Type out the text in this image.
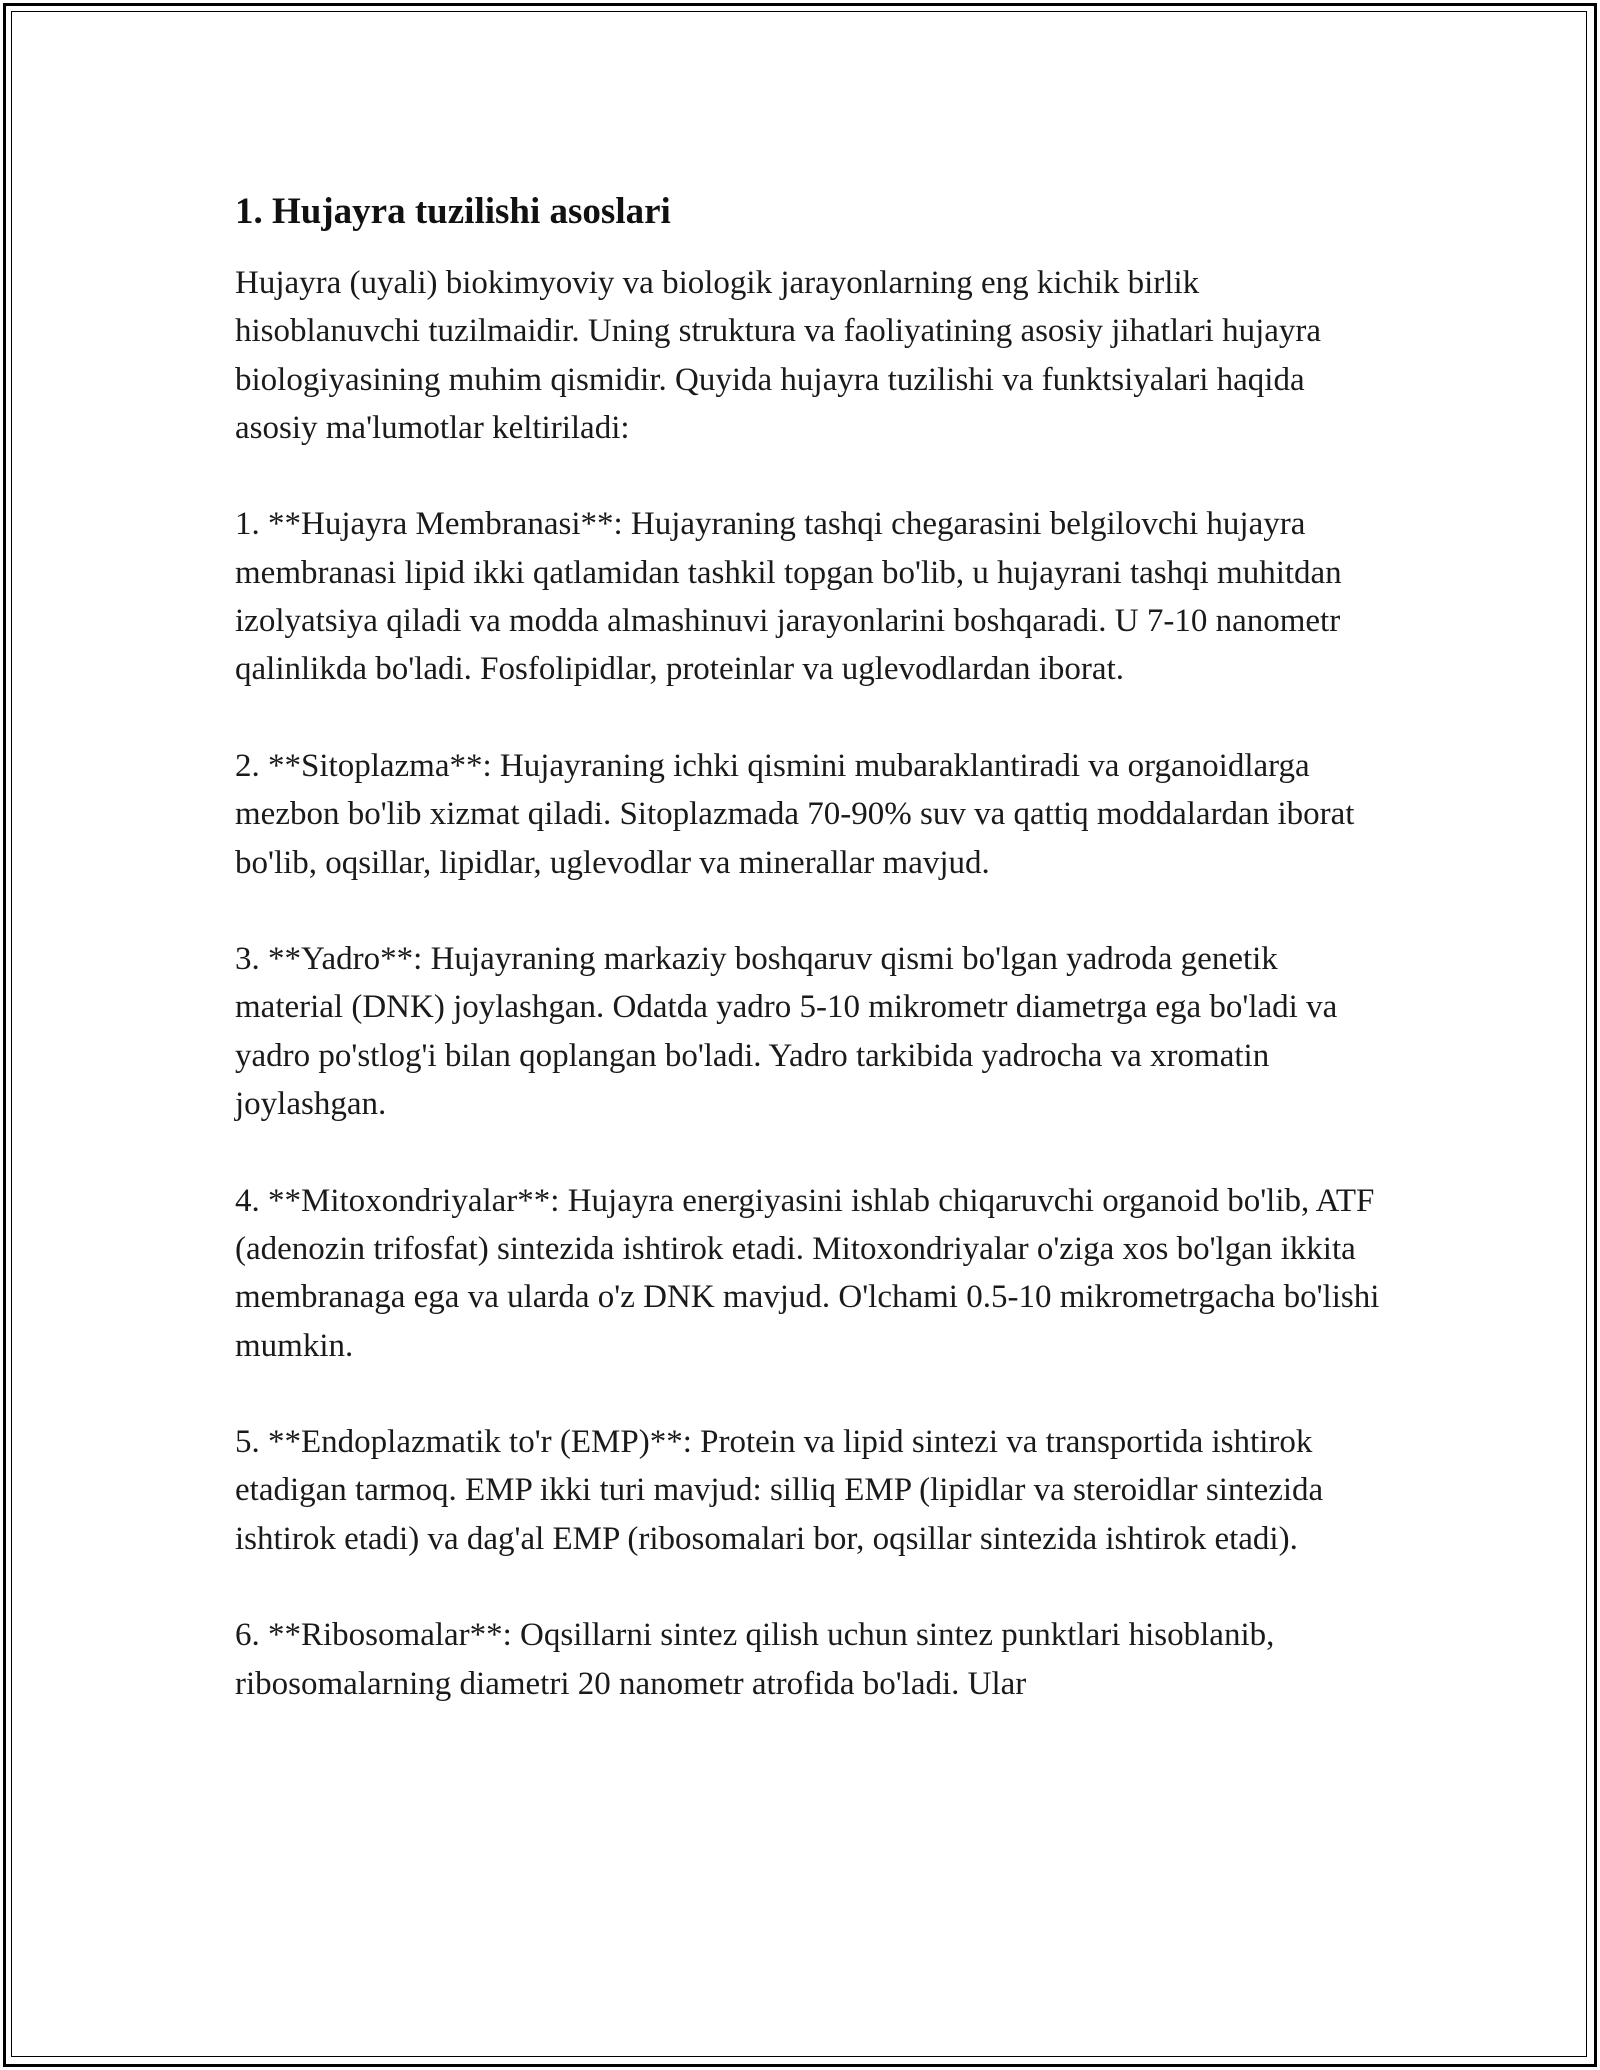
1. Hujayra tuzilishi asoslari

Hujayra (uyali) biokimyoviy va biologik jarayonlarning eng kichik birlik hisoblanuvchi tuzilmaidir. Uning struktura va faoliyatining asosiy jihatlari hujayra biologiyasining muhim qismidir. Quyida hujayra tuzilishi va funktsiyalari haqida asosiy ma'lumotlar keltiriladi:

1. **Hujayra Membranasi**: Hujayraning tashqi chegarasini belgilovchi hujayra membranasi lipid ikki qatlamidan tashkil topgan bo'lib, u hujayrani tashqi muhitdan izolyatsiya qiladi va modda almashinuvi jarayonlarini boshqaradi. U 7-10 nanometr qalinlikda bo'ladi. Fosfolipidlar, proteinlar va uglevodlardan iborat.

2. **Sitoplazma**: Hujayraning ichki qismini mubaraklantiradi va organoidlarga mezbon bo'lib xizmat qiladi. Sitoplazmada 70-90% suv va qattiq moddalardan iborat bo'lib, oqsillar, lipidlar, uglevodlar va minerallar mavjud.

3. **Yadro**: Hujayraning markaziy boshqaruv qismi bo'lgan yadroda genetik material (DNK) joylashgan. Odatda yadro 5-10 mikrometr diametrga ega bo'ladi va yadro po'stlog'i bilan qoplangan bo'ladi. Yadro tarkibida yadrocha va xromatin joylashgan.

4. **Mitoxondriyalar**: Hujayra energiyasini ishlab chiqaruvchi organoid bo'lib, ATF (adenozin trifosfat) sintezida ishtirok etadi. Mitoxondriyalar o'ziga xos bo'lgan ikkita membranaga ega va ularda o'z DNK mavjud. O'lchami 0.5-10 mikrometrgacha bo'lishi mumkin.

5. **Endoplazmatik to'r (EMP)**: Protein va lipid sintezi va transportida ishtirok etadigan tarmoq. EMP ikki turi mavjud: silliq EMP (lipidlar va steroidlar sintezida ishtirok etadi) va dag'al EMP (ribosomalari bor, oqsillar sintezida ishtirok etadi).

6. **Ribosomalar**: Oqsillarni sintez qilish uchun sintez punktlari hisoblanib, ribosomalarning diametri 20 nanometr atrofida bo'ladi. Ular
